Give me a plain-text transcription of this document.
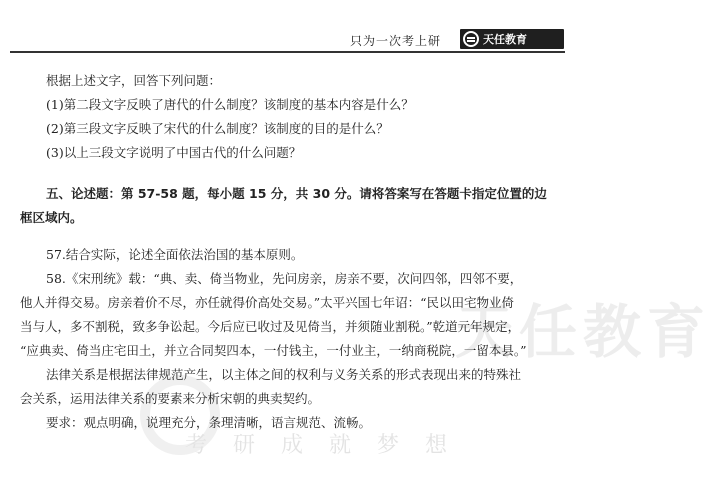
只为一次考上研	天任教育
天任教育
考研成就梦想
根据上述文字，回答下列问题：
(1)第二段文字反映了唐代的什么制度？该制度的基本内容是什么？
(2)第三段文字反映了宋代的什么制度？该制度的目的是什么？
(3)以上三段文字说明了中国古代的什么问题？
五、论述题：第 57-58 题，每小题 15 分，共 30 分。请将答案写在答题卡指定位置的边
框区域内。
57.结合实际，论述全面依法治国的基本原则。
58.《宋刑统》载：“典、卖、倚当物业，先问房亲，房亲不要，次问四邻，四邻不要，
他人并得交易。房亲着价不尽，亦任就得价高处交易。”太平兴国七年诏：“民以田宅物业倚
当与人，多不割税，致多争讼起。今后应已收过及见倚当，并须随业割税。”乾道元年规定，
“应典卖、倚当庄宅田土，并立合同契四本，一付钱主，一付业主，一纳商税院，一留本县。”
法律关系是根据法律规范产生，以主体之间的权利与义务关系的形式表现出来的特殊社
会关系，运用法律关系的要素来分析宋朝的典卖契约。
要求：观点明确，说理充分，条理清晰，语言规范、流畅。
